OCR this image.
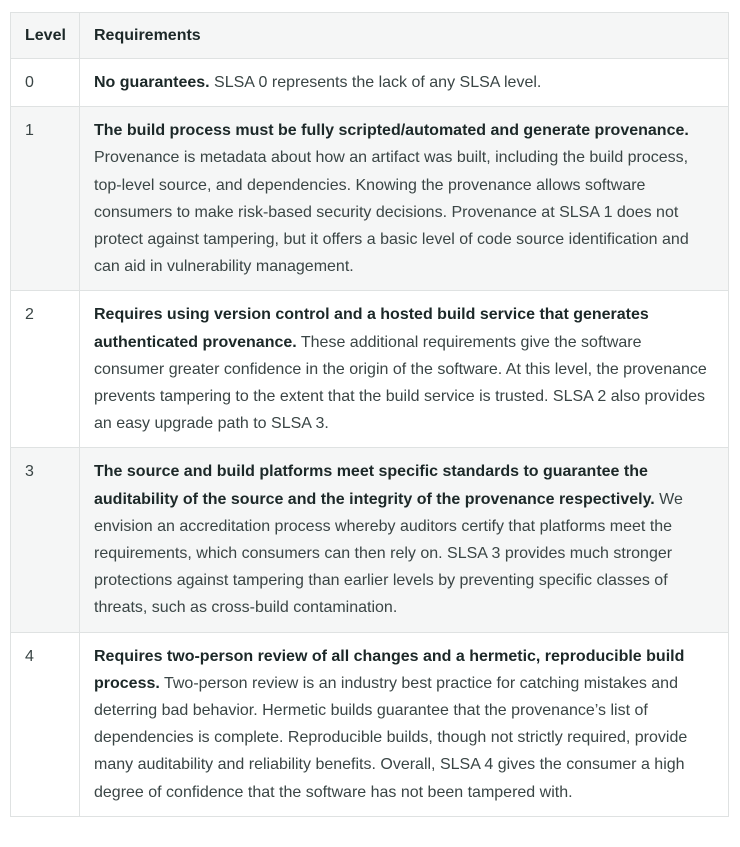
Level	Requirements
0	No guarantees. SLSA 0 represents the lack of any SLSA level.
1	The build process must be fully scripted/automated and generate provenance. Provenance is metadata about how an artifact was built, including the build process, top-level source, and dependencies. Knowing the provenance allows software consumers to make risk-based security decisions. Provenance at SLSA 1 does not protect against tampering, but it offers a basic level of code source identification and can aid in vulnerability management.
2	Requires using version control and a hosted build service that generates authenticated provenance. These additional requirements give the software consumer greater confidence in the origin of the software. At this level, the provenance prevents tampering to the extent that the build service is trusted. SLSA 2 also provides an easy upgrade path to SLSA 3.
3	The source and build platforms meet specific standards to guarantee the auditability of the source and the integrity of the provenance respectively. We envision an accreditation process whereby auditors certify that platforms meet the requirements, which consumers can then rely on. SLSA 3 provides much stronger protections against tampering than earlier levels by preventing specific classes of threats, such as cross-build contamination.
4	Requires two-person review of all changes and a hermetic, reproducible build process. Two-person review is an industry best practice for catching mistakes and deterring bad behavior. Hermetic builds guarantee that the provenance’s list of dependencies is complete. Reproducible builds, though not strictly required, provide many auditability and reliability benefits. Overall, SLSA 4 gives the consumer a high degree of confidence that the software has not been tampered with.
